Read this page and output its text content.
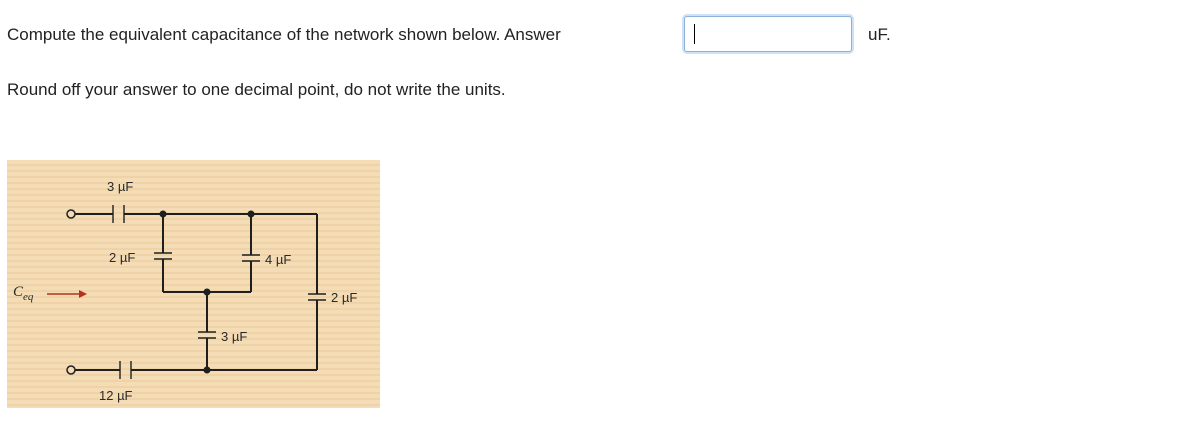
Compute the equivalent capacitance of the network shown below. Answer	uF.
Round off your answer to one decimal point, do not write the units.
3 µF
2 µF	4 µF
2 µF
3 µF
12 µF
$C_{eq}$
